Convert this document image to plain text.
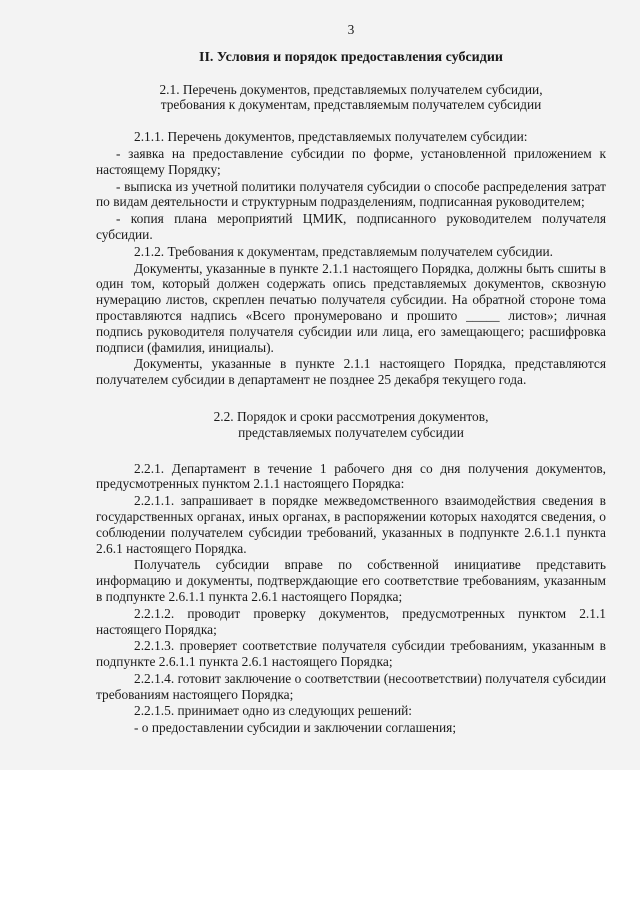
3
II. Условия и порядок предоставления субсидии
2.1. Перечень документов, представляемых получателем субсидии,
требования к документам, представляемым получателем субсидии

2.1.1. Перечень документов, представляемых получателем субсидии:

- заявка на предоставление субсидии по форме, установленной приложением к настоящему Порядку;

- выписка из учетной политики получателя субсидии о способе распределения затрат по видам деятельности и структурным подразделениям, подписанная руководителем;

- копия плана мероприятий ЦМИК, подписанного руководителем получателя субсидии.

2.1.2. Требования к документам, представляемым получателем субсидии.

Документы, указанные в пункте 2.1.1 настоящего Порядка, должны быть сшиты в один том, который должен содержать опись представляемых документов, сквозную нумерацию листов, скреплен печатью получателя субсидии. На обратной стороне тома проставляются надпись «Всего пронумеровано и прошито _____ листов»; личная подпись руководителя получателя субсидии или лица, его замещающего; расшифровка подписи (фамилия, инициалы).

Документы, указанные в пункте 2.1.1 настоящего Порядка, представляются получателем субсидии в департамент не позднее 25 декабря текущего года.

2.2. Порядок и сроки рассмотрения документов,
представляемых получателем субсидии

2.2.1. Департамент в течение 1 рабочего дня со дня получения документов, предусмотренных пунктом 2.1.1 настоящего Порядка:

2.2.1.1. запрашивает в порядке межведомственного взаимодействия сведения в государственных органах, иных органах, в распоряжении которых находятся сведения, о соблюдении получателем субсидии требований, указанных в подпункте 2.6.1.1 пункта 2.6.1 настоящего Порядка.

Получатель субсидии вправе по собственной инициативе представить информацию и документы, подтверждающие его соответствие требованиям, указанным в подпункте 2.6.1.1 пункта 2.6.1 настоящего Порядка;

2.2.1.2. проводит проверку документов, предусмотренных пунктом 2.1.1 настоящего Порядка;

2.2.1.3. проверяет соответствие получателя субсидии требованиям, указанным в подпункте 2.6.1.1 пункта 2.6.1 настоящего Порядка;

2.2.1.4. готовит заключение о соответствии (несоответствии) получателя субсидии требованиям настоящего Порядка;

2.2.1.5. принимает одно из следующих решений:

- о предоставлении субсидии и заключении соглашения;
